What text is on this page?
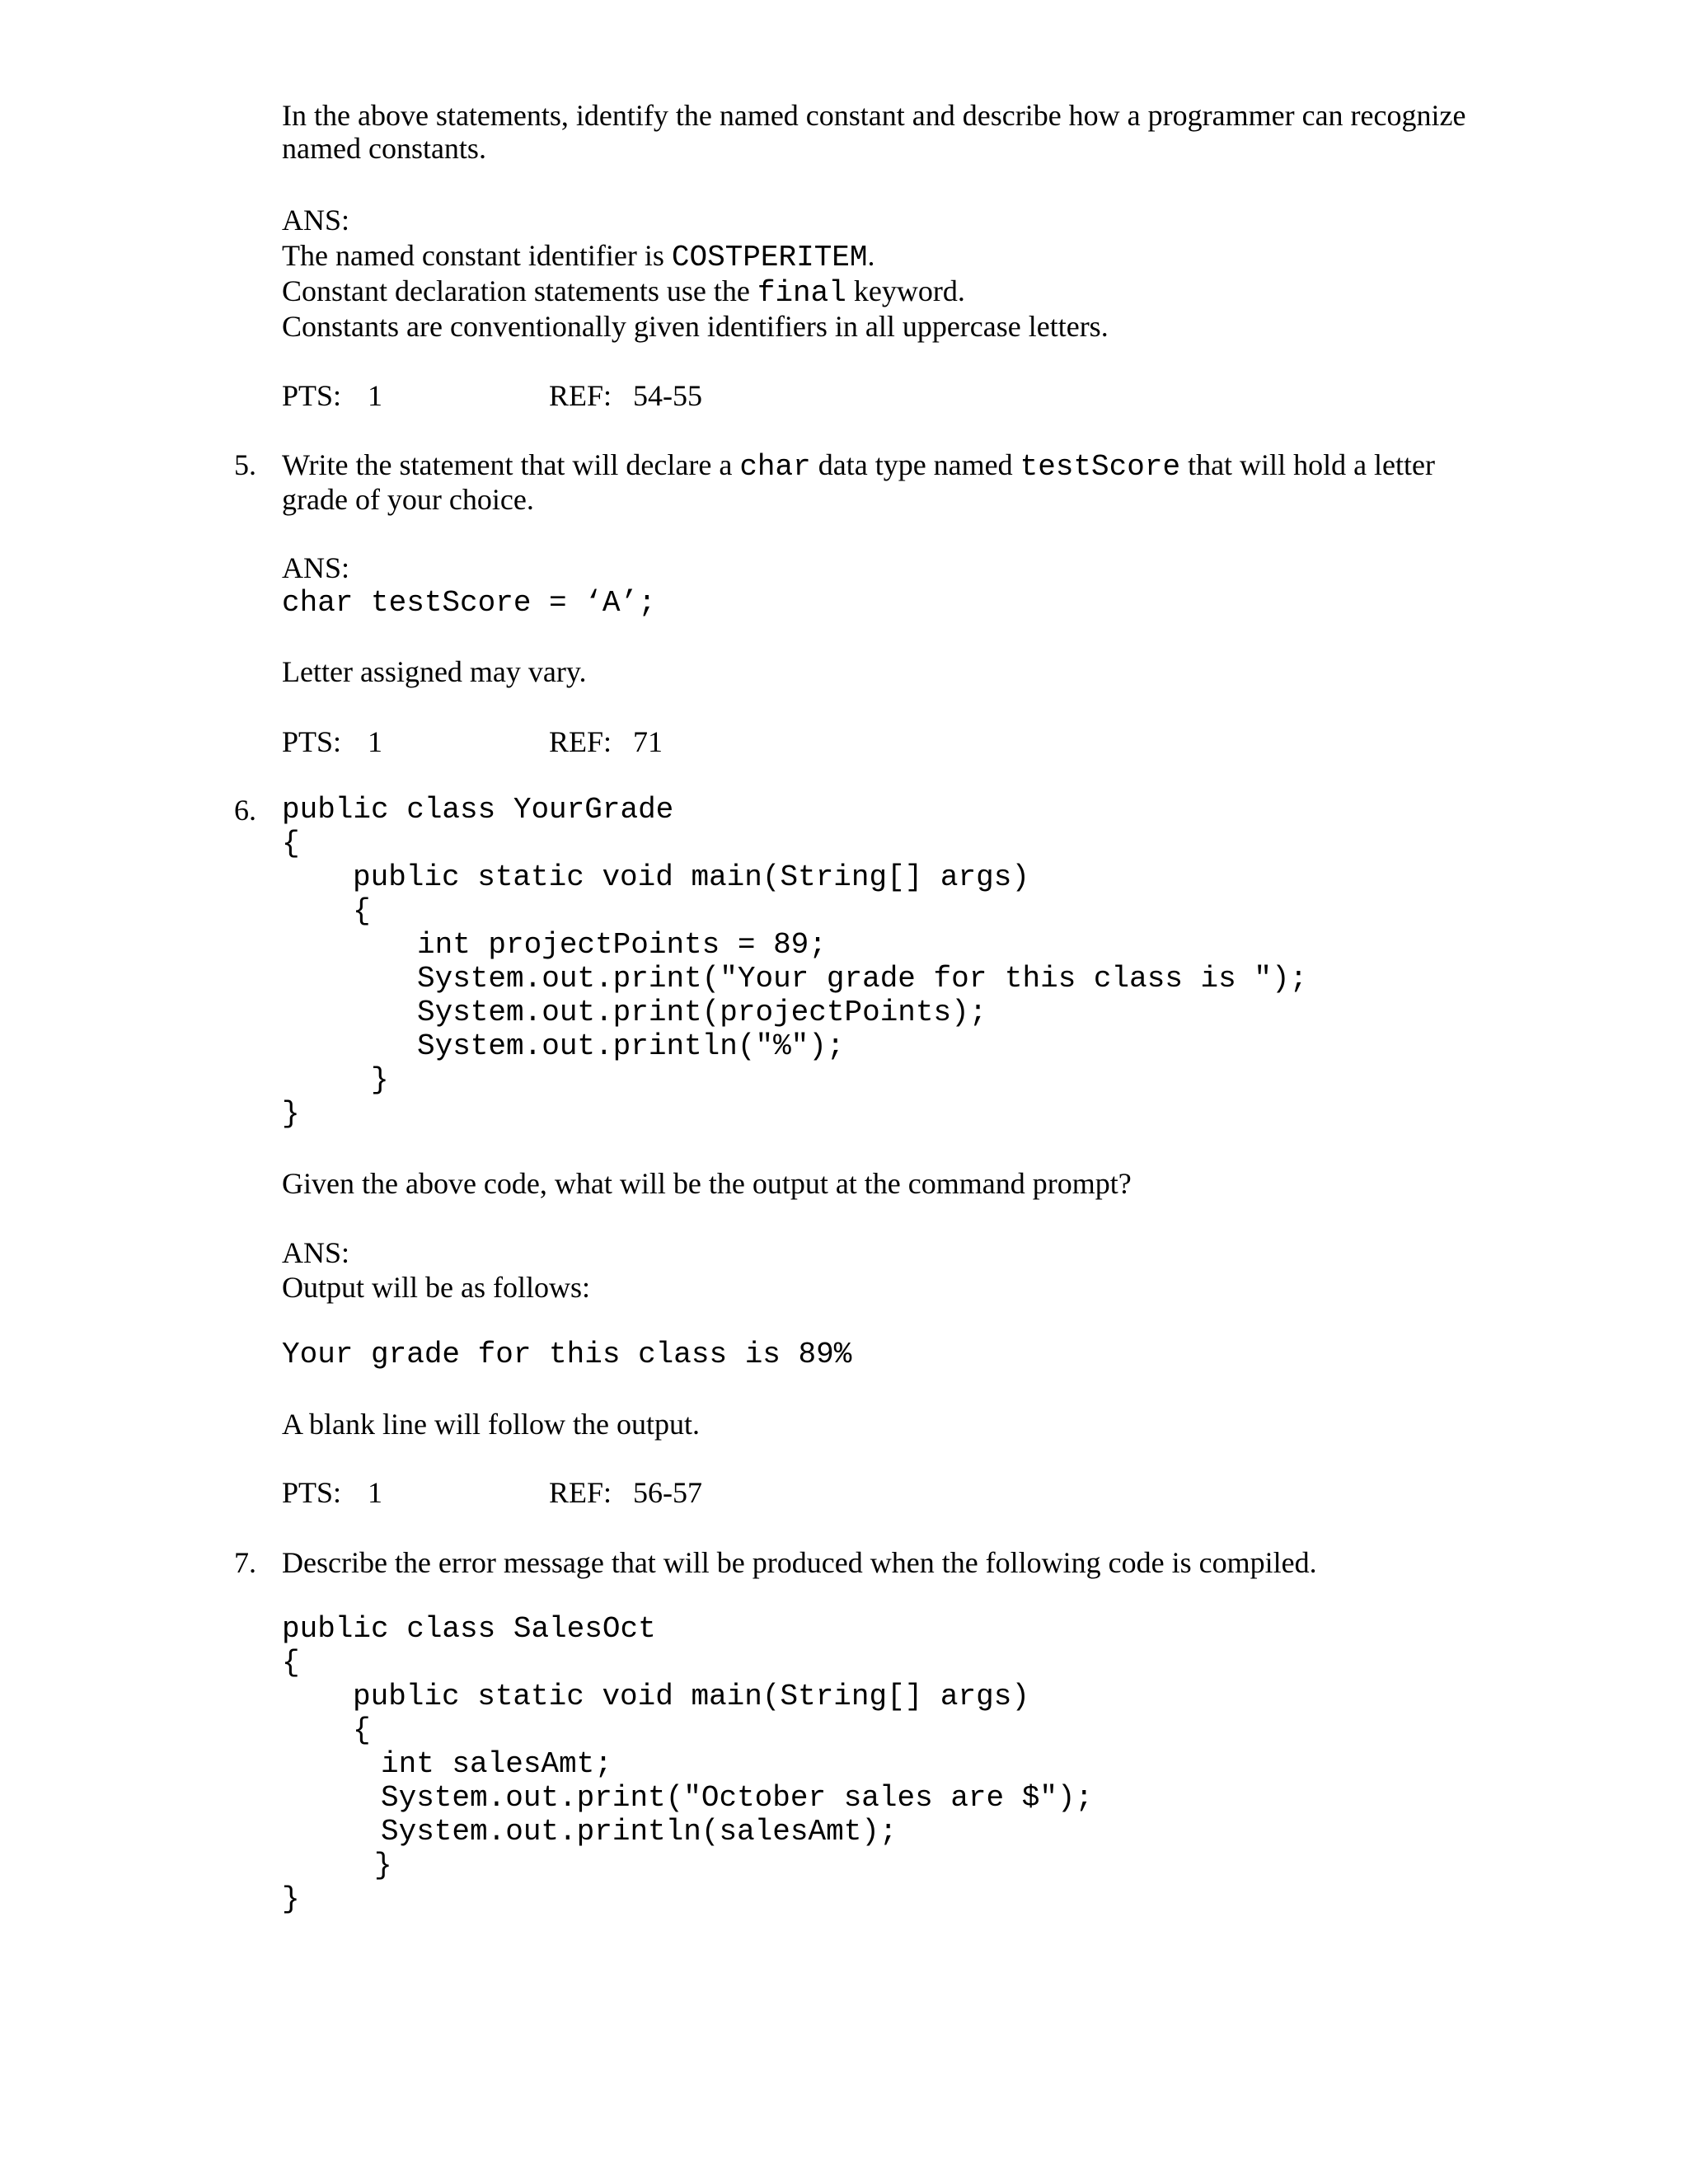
In the above statements, identify the named constant and describe how a programmer can recognize
named constants.
ANS:
The named constant identifier is COSTPERITEM.
Constant declaration statements use the final keyword.
Constants are conventionally given identifiers in all uppercase letters.
PTS: 1	REF: 54-55
5. Write the statement that will declare a char data type named testScore that will hold a letter
grade of your choice.
ANS:
char testScore = ‘A’;
Letter assigned may vary.
PTS: 1	REF: 71
6. public class YourGrade
{
public static void main(String[] args)
{
int projectPoints = 89;
System.out.print("Your grade for this class is ");
System.out.print(projectPoints);
System.out.println("%");
}
}
Given the above code, what will be the output at the command prompt?
ANS:
Output will be as follows:
Your grade for this class is 89%
A blank line will follow the output.
PTS: 1	REF: 56-57
7. Describe the error message that will be produced when the following code is compiled.
public class SalesOct
{
public static void main(String[] args)
{
int salesAmt;
System.out.print("October sales are $");
System.out.println(salesAmt);
}
}
